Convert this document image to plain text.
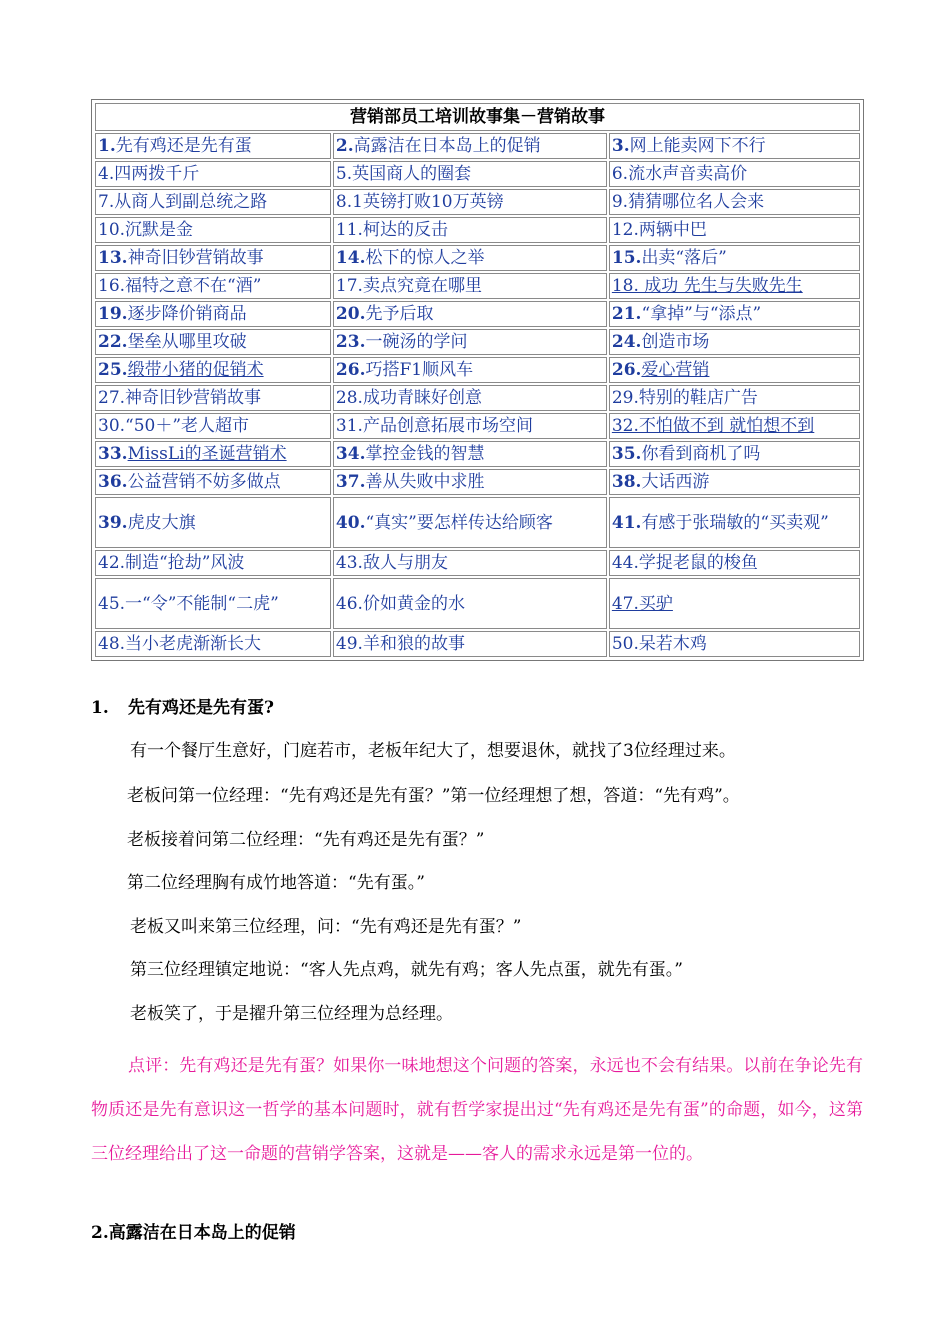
营销部员工培训故事集－营销故事		
1.先有鸡还是先有蛋	2.高露洁在日本岛上的促销	3.网上能卖网下不行
4.四两拨千斤	5.英国商人的圈套	6.流水声音卖高价
7.从商人到副总统之路	8.1英镑打败10万英镑	9.猜猜哪位名人会来
10.沉默是金	11.柯达的反击	12.两辆中巴
13.神奇旧钞营销故事	14.松下的惊人之举	15.出卖“落后”
16.福特之意不在“酒”	17.卖点究竟在哪里	18. 成功 先生与失败先生
19.逐步降价销商品	20.先予后取	21.“拿掉”与“添点”
22.堡垒从哪里攻破	23.一碗汤的学问	24.创造市场
25.缎带小猪的促销术	26.巧搭F1顺风车	26.爱心营销
27.神奇旧钞营销故事	28.成功青睐好创意	29.特别的鞋店广告
30.“50＋”老人超市	31.产品创意拓展市场空间	32.不怕做不到 就怕想不到
33.MissLi的圣诞营销术	34.掌控金钱的智慧	35.你看到商机了吗
36.公益营销不妨多做点	37.善从失败中求胜	38.大话西游
39.虎皮大旗	40.“真实”要怎样传达给顾客	41.有感于张瑞敏的“买卖观”
42.制造“抢劫”风波	43.敌人与朋友	44.学捉老鼠的梭鱼
45.一“令”不能制“二虎”	46.价如黄金的水	47.买驴
48.当小老虎渐渐长大	49.羊和狼的故事	50.呆若木鸡
1. 先有鸡还是先有蛋?
有一个餐厅生意好，门庭若市，老板年纪大了，想要退休，就找了3位经理过来。
老板问第一位经理：“先有鸡还是先有蛋？”第一位经理想了想，答道：“先有鸡”。
老板接着问第二位经理：“先有鸡还是先有蛋？”
第二位经理胸有成竹地答道：“先有蛋。”
老板又叫来第三位经理，问：“先有鸡还是先有蛋？”
第三位经理镇定地说：“客人先点鸡，就先有鸡；客人先点蛋，就先有蛋。”
老板笑了，于是擢升第三位经理为总经理。
点评：先有鸡还是先有蛋？如果你一味地想这个问题的答案，永远也不会有结果。以前在争论先有物质还是先有意识这一哲学的基本问题时，就有哲学家提出过“先有鸡还是先有蛋”的命题，如今，这第三位经理给出了这一命题的营销学答案，这就是——客人的需求永远是第一位的。
2.高露洁在日本岛上的促销
